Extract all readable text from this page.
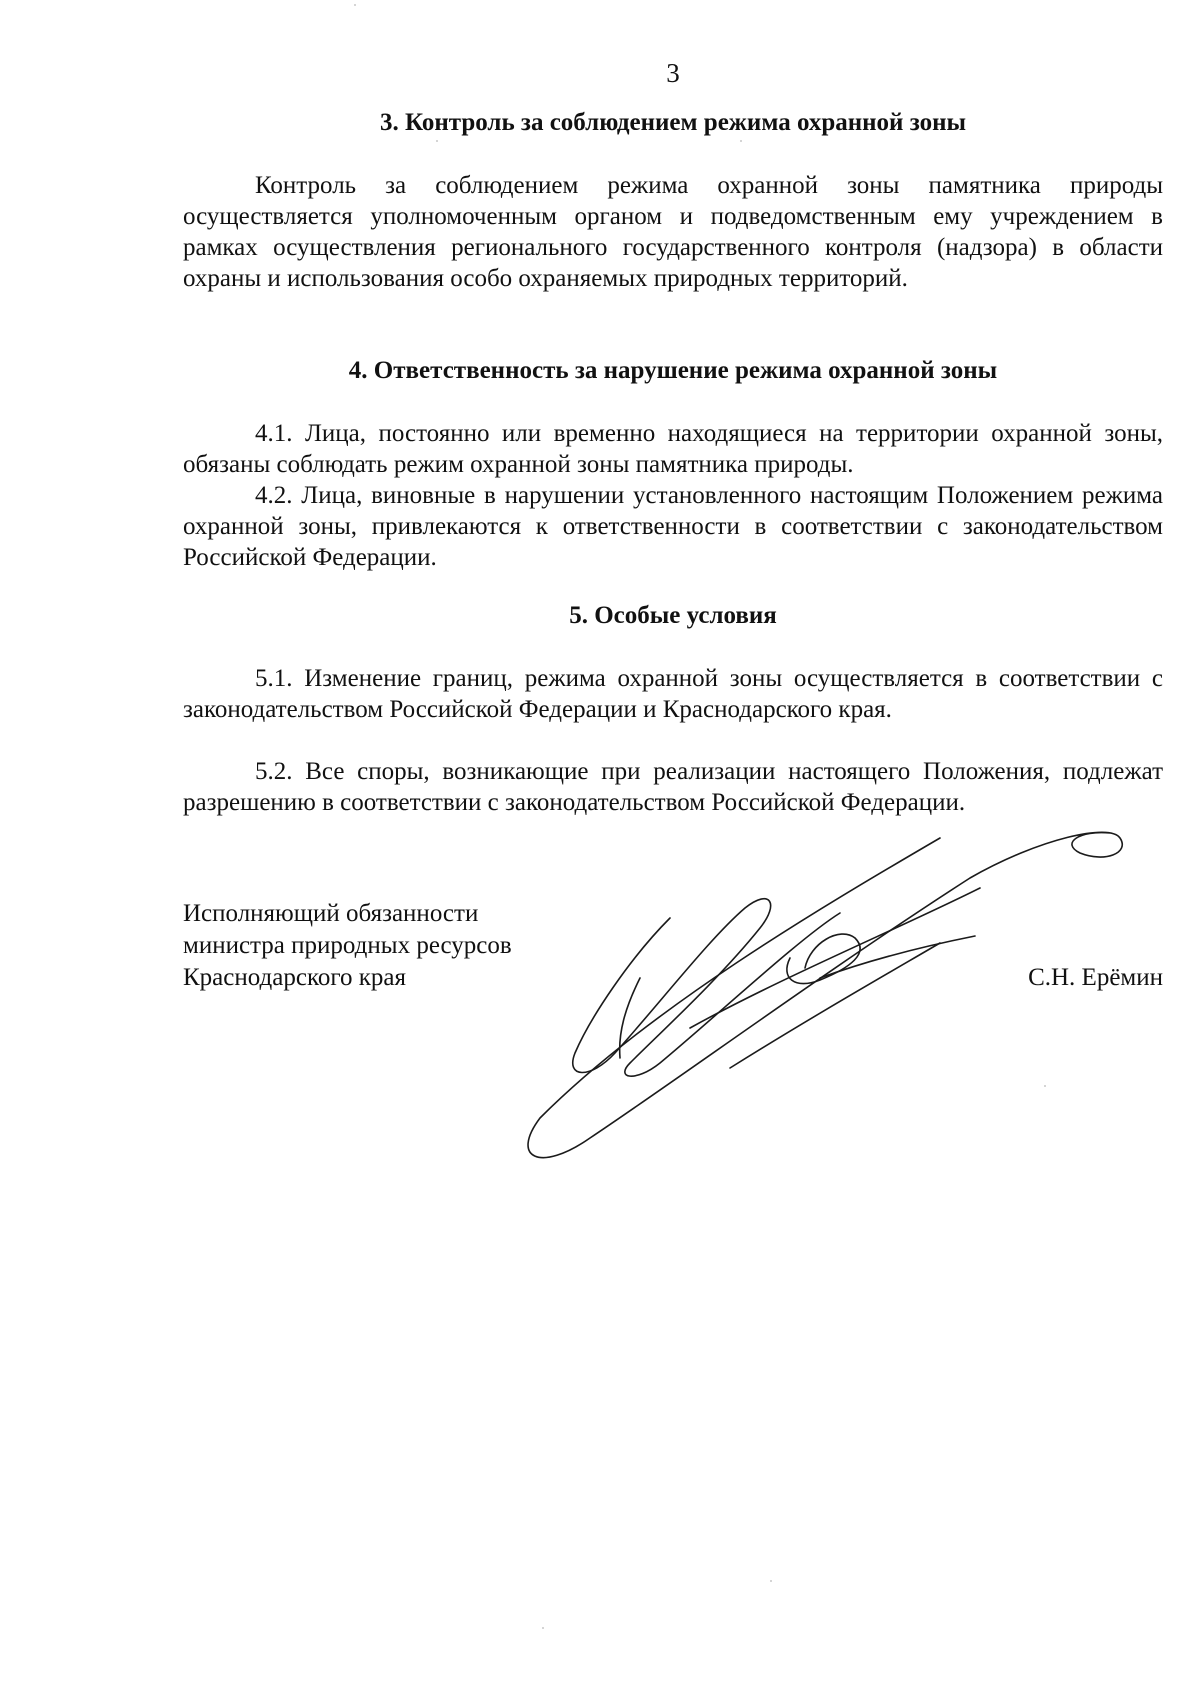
3
3. Контроль за соблюдением режима охранной зоны

Контроль за соблюдением режима охранной зоны памятника природы осуществляется уполномоченным органом и подведомственным ему учреждением в рамках осуществления регионального государственного контроля (надзора) в области охраны и использования особо охраняемых природных территорий.

4. Ответственность за нарушение режима охранной зоны

4.1. Лица, постоянно или временно находящиеся на территории охранной зоны, обязаны соблюдать режим охранной зоны памятника природы.

4.2. Лица, виновные в нарушении установленного настоящим Положением режима охранной зоны, привлекаются к ответственности в соответствии с законодательством Российской Федерации.

5. Особые условия

5.1. Изменение границ, режима охранной зоны осуществляется в соответствии с законодательством Российской Федерации и Краснодарского края.

5.2. Все споры, возникающие при реализации настоящего Положения, подлежат разрешению в соответствии с законодательством Российской Федерации.

Исполняющий обязанности
министра природных ресурсов
Краснодарского края	С.Н. Ерёмин
